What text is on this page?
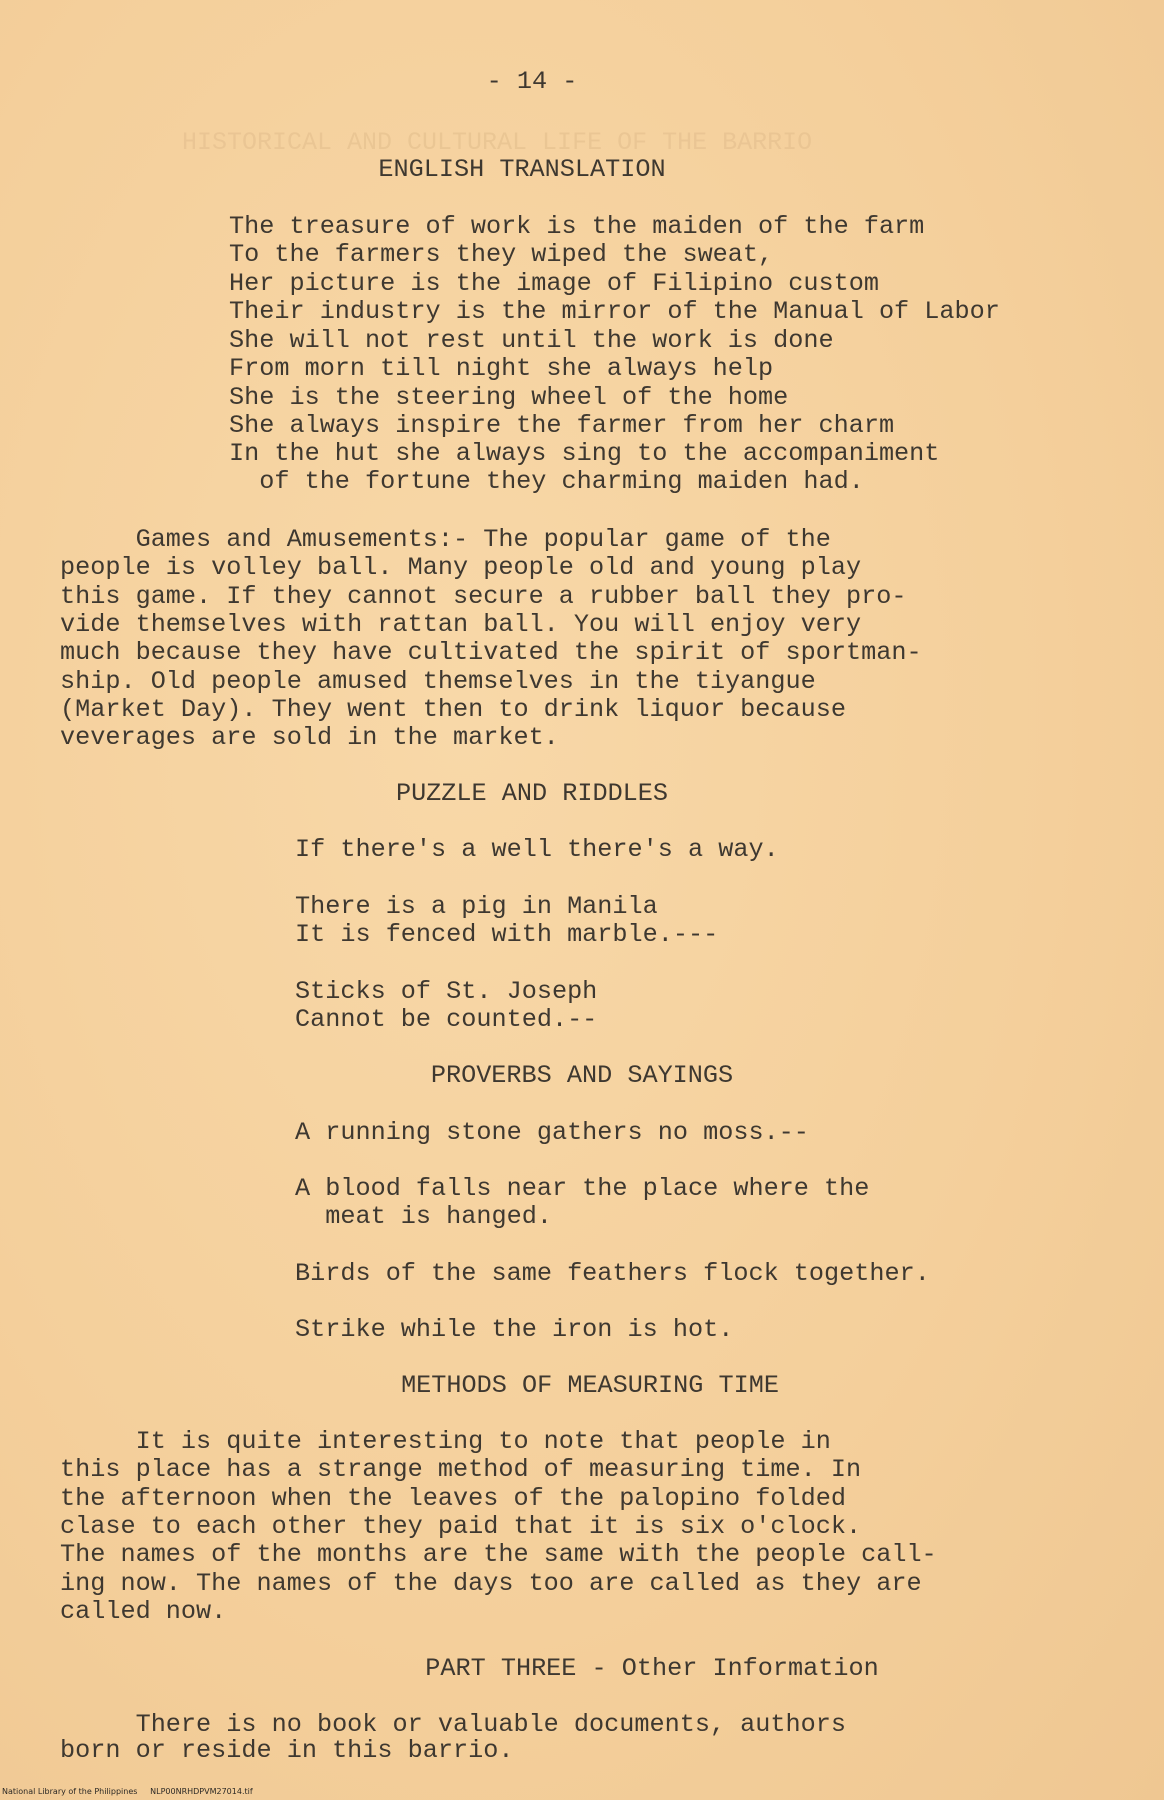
HISTORICAL AND CULTURAL LIFE OF THE BARRIO
- 14 -
ENGLISH TRANSLATION
The treasure of work is the maiden of the farm
To the farmers they wiped the sweat,
Her picture is the image of Filipino custom
Their industry is the mirror of the Manual of Labor
She will not rest until the work is done
From morn till night she always help
She is the steering wheel of the home
She always inspire the farmer from her charm
In the hut she always sing to the accompaniment
of the fortune they charming maiden had.
Games and Amusements:- The popular game of the
people is volley ball. Many people old and young play
this game. If they cannot secure a rubber ball they pro-
vide themselves with rattan ball. You will enjoy very
much because they have cultivated the spirit of sportman-
ship. Old people amused themselves in the tiyangue
(Market Day). They went then to drink liquor because
veverages are sold in the market.
PUZZLE AND RIDDLES
If there's a well there's a way.
There is a pig in Manila
It is fenced with marble.---
Sticks of St. Joseph
Cannot be counted.--
PROVERBS AND SAYINGS
A running stone gathers no moss.--
A blood falls near the place where the
meat is hanged.
Birds of the same feathers flock together.
Strike while the iron is hot.
METHODS OF MEASURING TIME
It is quite interesting to note that people in
this place has a strange method of measuring time. In
the afternoon when the leaves of the palopino folded
clase to each other they paid that it is six o'clock.
The names of the months are the same with the people call-
ing now. The names of the days too are called as they are
called now.
PART THREE - Other Information
There is no book or valuable documents, authors
born or reside in this barrio.
National Library of the Philippines     NLP00NRHDPVM27014.tif
